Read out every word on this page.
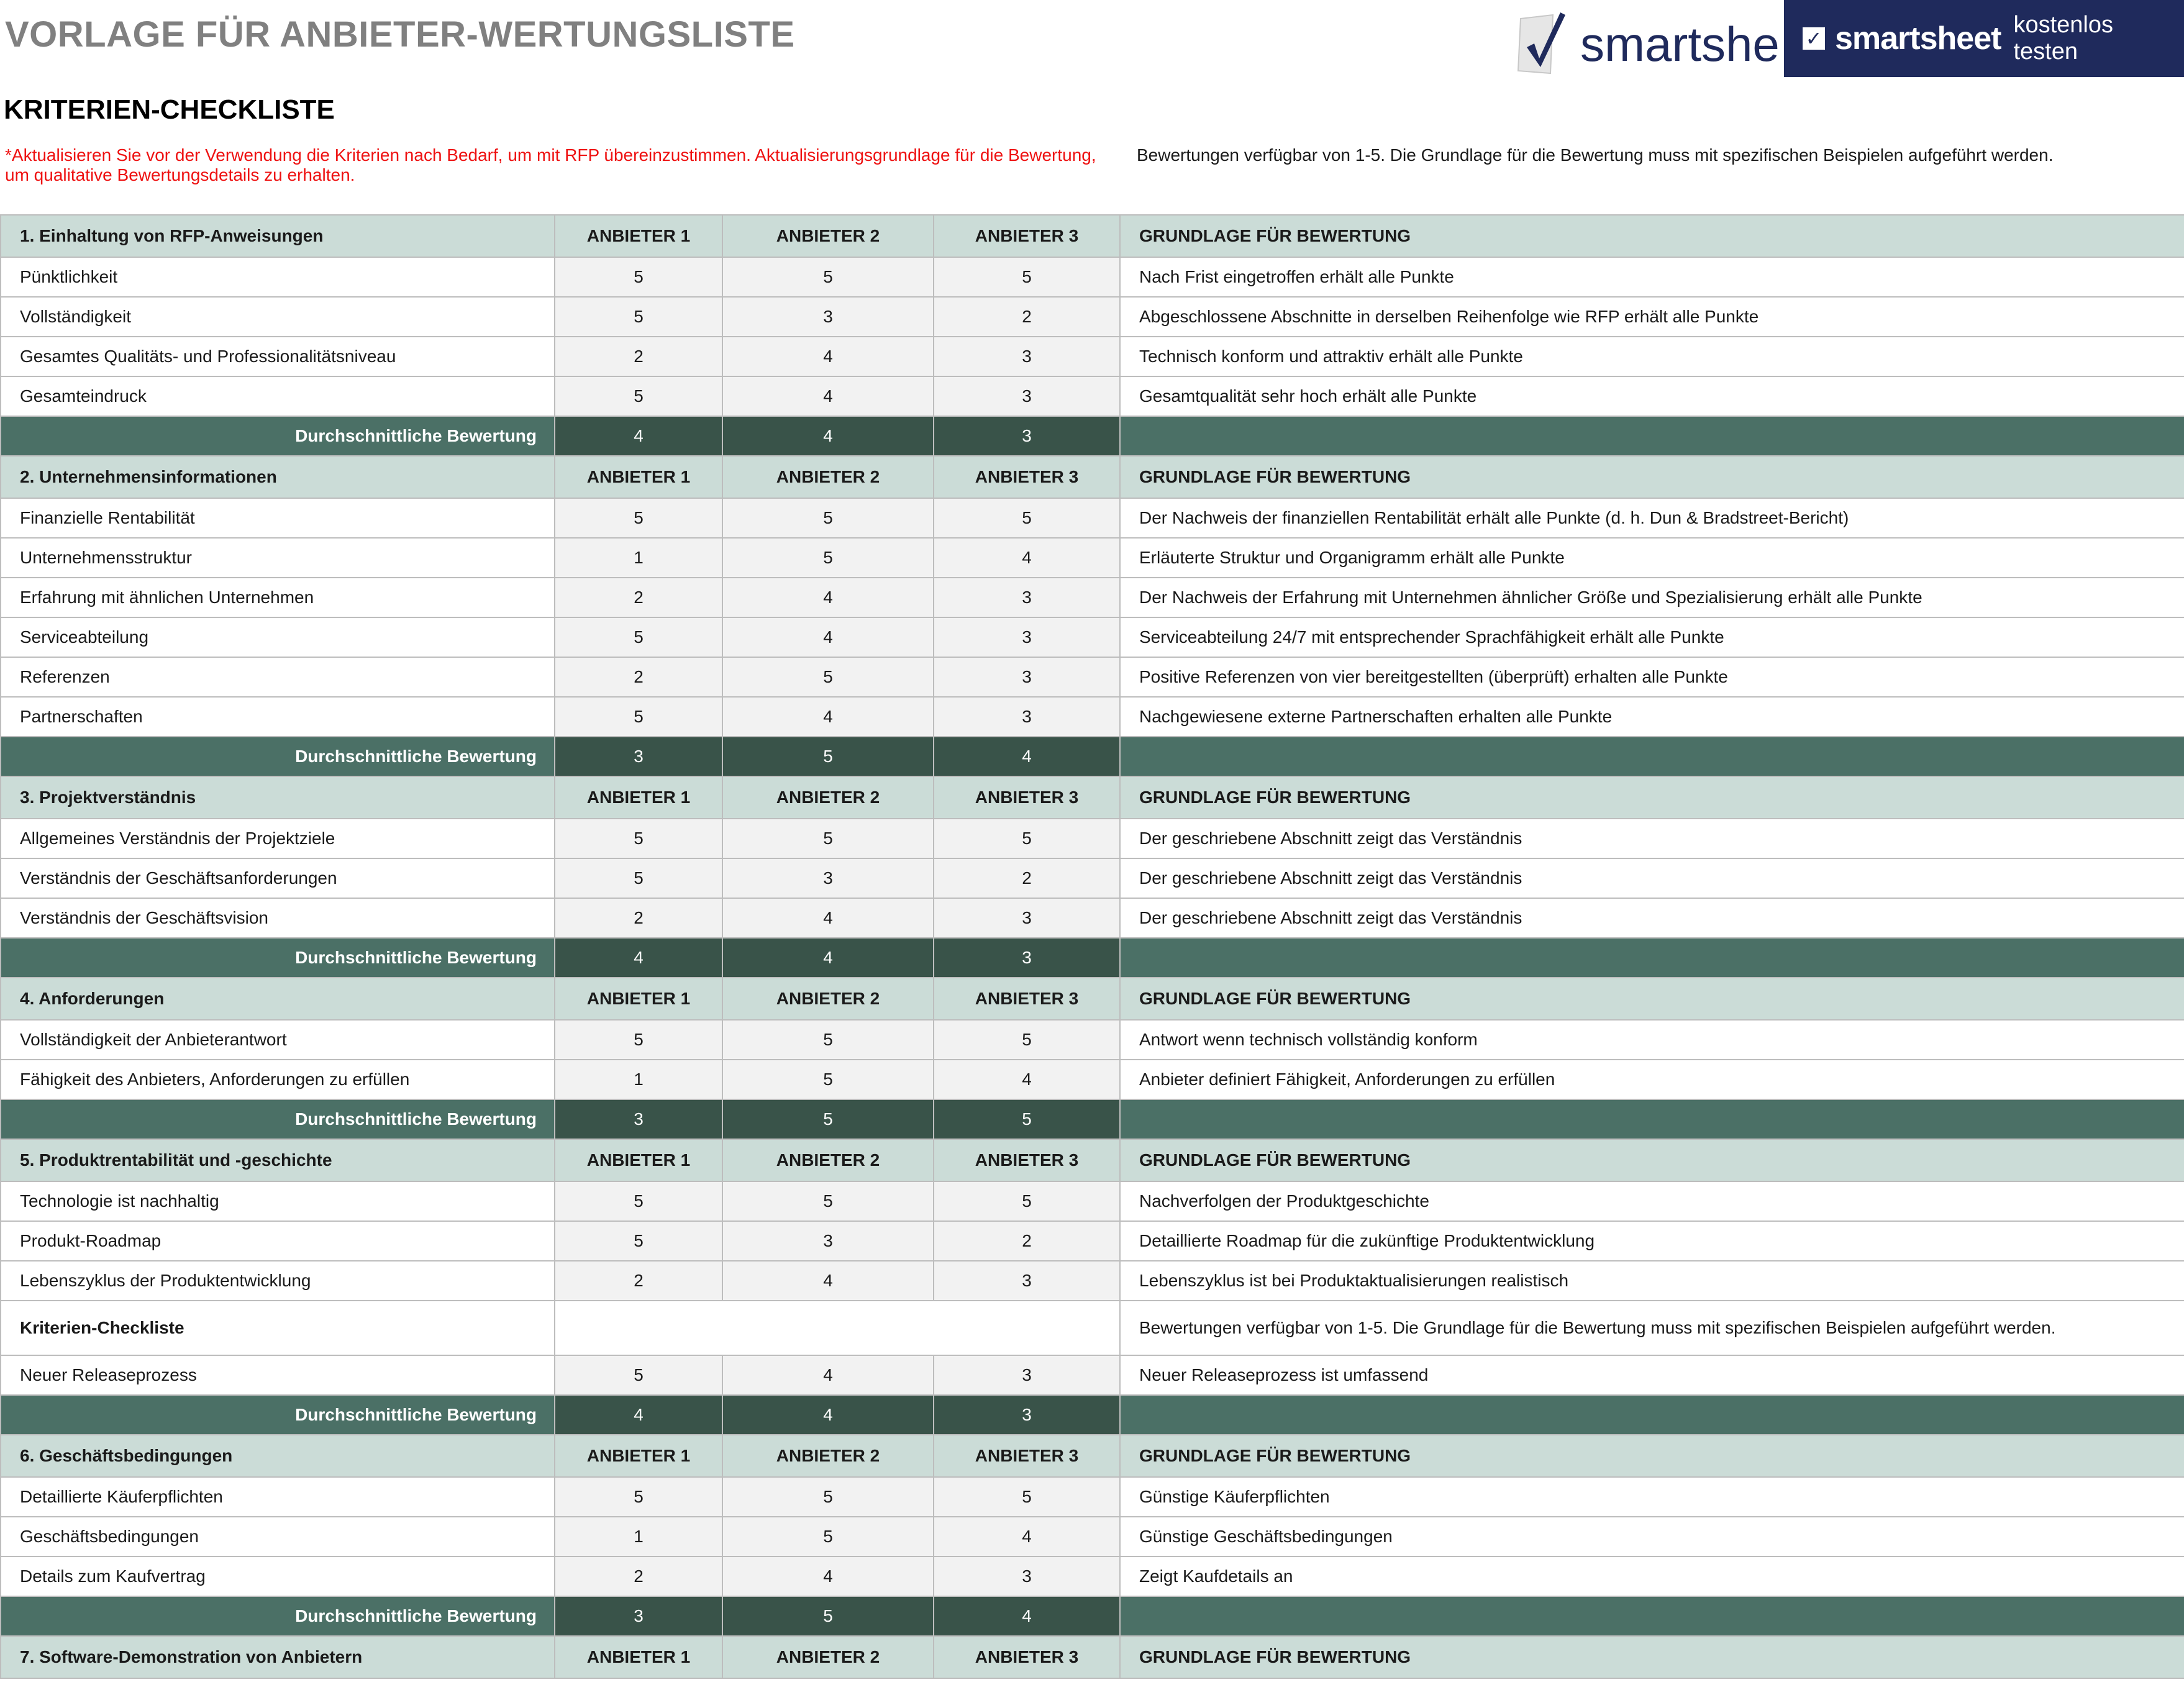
VORLAGE FÜR ANBIETER-WERTUNGSLISTE	smartshe ✓ smartsheet kostenlos testen
KRITERIEN-CHECKLISTE

*Aktualisieren Sie vor der Verwendung die Kriterien nach Bedarf, um mit RFP übereinzustimmen. Aktualisierungsgrundlage für die Bewertung, um qualitative Bewertungsdetails zu erhalten.

Bewertungen verfügbar von 1-5. Die Grundlage für die Bewertung muss mit spezifischen Beispielen aufgeführt werden.

1. Einhaltung von RFP-Anweisungen	ANBIETER 1	ANBIETER 2	ANBIETER 3	GRUNDLAGE FÜR BEWERTUNG
Pünktlichkeit	5	5	5	Nach Frist eingetroffen erhält alle Punkte
Vollständigkeit	5	3	2	Abgeschlossene Abschnitte in derselben Reihenfolge wie RFP erhält alle Punkte
Gesamtes Qualitäts- und Professionalitätsniveau	2	4	3	Technisch konform und attraktiv erhält alle Punkte
Gesamteindruck	5	4	3	Gesamtqualität sehr hoch erhält alle Punkte
Durchschnittliche Bewertung	4	4	3	
2. Unternehmensinformationen	ANBIETER 1	ANBIETER 2	ANBIETER 3	GRUNDLAGE FÜR BEWERTUNG
Finanzielle Rentabilität	5	5	5	Der Nachweis der finanziellen Rentabilität erhält alle Punkte (d. h. Dun & Bradstreet-Bericht)
Unternehmensstruktur	1	5	4	Erläuterte Struktur und Organigramm erhält alle Punkte
Erfahrung mit ähnlichen Unternehmen	2	4	3	Der Nachweis der Erfahrung mit Unternehmen ähnlicher Größe und Spezialisierung erhält alle Punkte
Serviceabteilung	5	4	3	Serviceabteilung 24/7 mit entsprechender Sprachfähigkeit erhält alle Punkte
Referenzen	2	5	3	Positive Referenzen von vier bereitgestellten (überprüft) erhalten alle Punkte
Partnerschaften	5	4	3	Nachgewiesene externe Partnerschaften erhalten alle Punkte
Durchschnittliche Bewertung	3	5	4	
3. Projektverständnis	ANBIETER 1	ANBIETER 2	ANBIETER 3	GRUNDLAGE FÜR BEWERTUNG
Allgemeines Verständnis der Projektziele	5	5	5	Der geschriebene Abschnitt zeigt das Verständnis
Verständnis der Geschäftsanforderungen	5	3	2	Der geschriebene Abschnitt zeigt das Verständnis
Verständnis der Geschäftsvision	2	4	3	Der geschriebene Abschnitt zeigt das Verständnis
Durchschnittliche Bewertung	4	4	3	
4. Anforderungen	ANBIETER 1	ANBIETER 2	ANBIETER 3	GRUNDLAGE FÜR BEWERTUNG
Vollständigkeit der Anbieterantwort	5	5	5	Antwort wenn technisch vollständig konform
Fähigkeit des Anbieters, Anforderungen zu erfüllen	1	5	4	Anbieter definiert Fähigkeit, Anforderungen zu erfüllen
Durchschnittliche Bewertung	3	5	5	
5. Produktrentabilität und -geschichte	ANBIETER 1	ANBIETER 2	ANBIETER 3	GRUNDLAGE FÜR BEWERTUNG
Technologie ist nachhaltig	5	5	5	Nachverfolgen der Produktgeschichte
Produkt-Roadmap	5	3	2	Detaillierte Roadmap für die zukünftige Produktentwicklung
Lebenszyklus der Produktentwicklung	2	4	3	Lebenszyklus ist bei Produktaktualisierungen realistisch
Kriterien-Checkliste				Bewertungen verfügbar von 1-5. Die Grundlage für die Bewertung muss mit spezifischen Beispielen aufgeführt werden.
Neuer Releaseprozess	5	4	3	Neuer Releaseprozess ist umfassend
Durchschnittliche Bewertung	4	4	3	
6. Geschäftsbedingungen	ANBIETER 1	ANBIETER 2	ANBIETER 3	GRUNDLAGE FÜR BEWERTUNG
Detaillierte Käuferpflichten	5	5	5	Günstige Käuferpflichten
Geschäftsbedingungen	1	5	4	Günstige Geschäftsbedingungen
Details zum Kaufvertrag	2	4	3	Zeigt Kaufdetails an
Durchschnittliche Bewertung	3	5	4	
7. Software-Demonstration von Anbietern	ANBIETER 1	ANBIETER 2	ANBIETER 3	GRUNDLAGE FÜR BEWERTUNG
